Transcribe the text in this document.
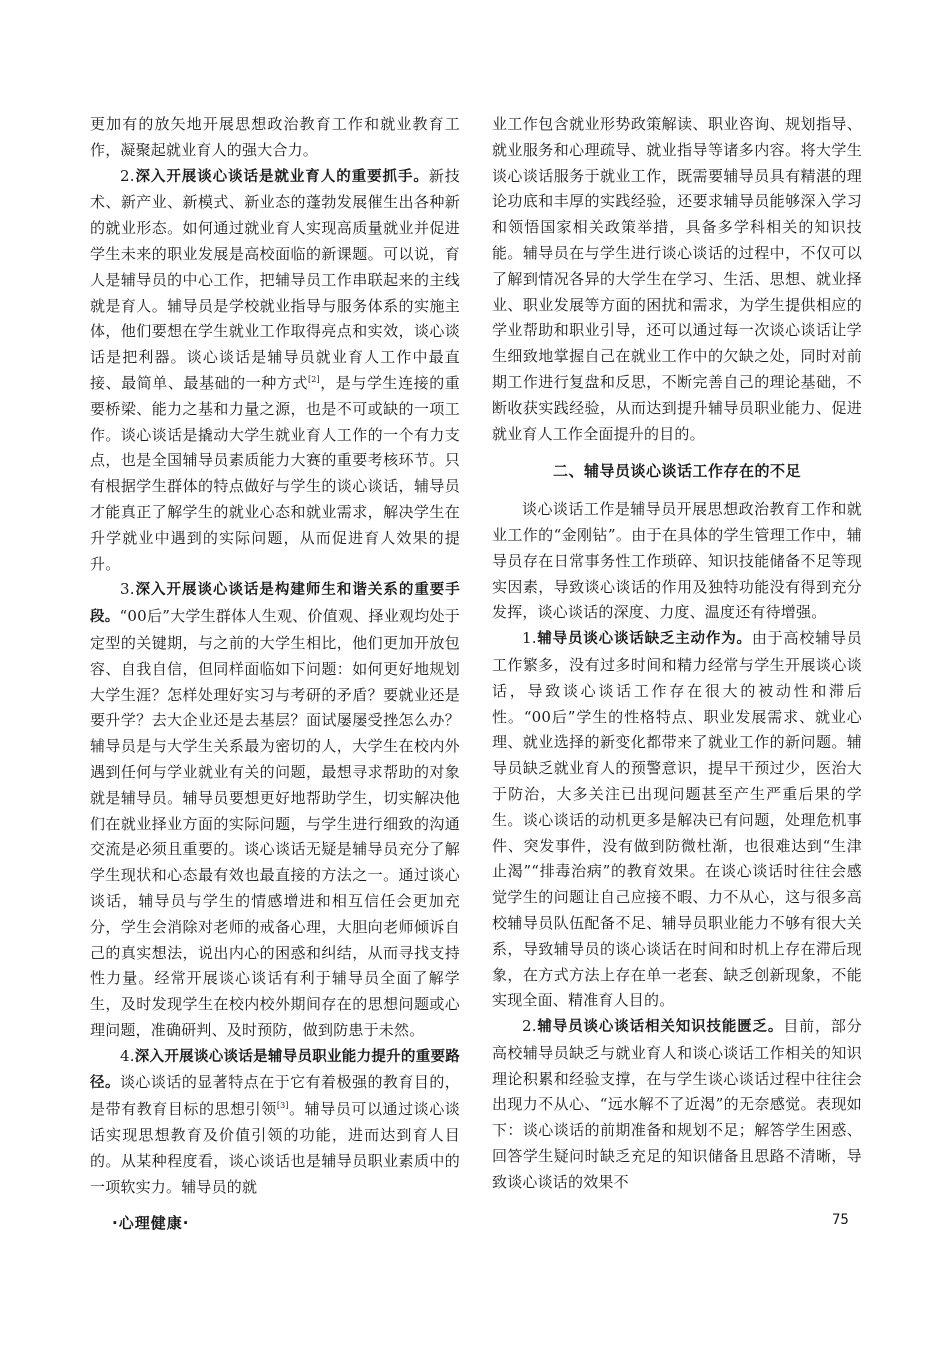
更加有的放矢地开展思想政治教育工作和就业教育工作，凝聚起就业育人的强大合力。

2.深入开展谈心谈话是就业育人的重要抓手。新技术、新产业、新模式、新业态的蓬勃发展催生出各种新的就业形态。如何通过就业育人实现高质量就业并促进学生未来的职业发展是高校面临的新课题。可以说，育人是辅导员的中心工作，把辅导员工作串联起来的主线就是育人。辅导员是学校就业指导与服务体系的实施主体，他们要想在学生就业工作取得亮点和实效，谈心谈话是把利器。谈心谈话是辅导员就业育人工作中最直接、最简单、最基础的一种方式[2]，是与学生连接的重要桥梁、能力之基和力量之源，也是不可或缺的一项工作。谈心谈话是撬动大学生就业育人工作的一个有力支点，也是全国辅导员素质能力大赛的重要考核环节。只有根据学生群体的特点做好与学生的谈心谈话，辅导员才能真正了解学生的就业心态和就业需求，解决学生在升学就业中遇到的实际问题，从而促进育人效果的提升。

3.深入开展谈心谈话是构建师生和谐关系的重要手段。“00后”大学生群体人生观、价值观、择业观均处于定型的关键期，与之前的大学生相比，他们更加开放包容、自我自信，但同样面临如下问题：如何更好地规划大学生涯？怎样处理好实习与考研的矛盾？要就业还是要升学？去大企业还是去基层？面试屡屡受挫怎么办？辅导员是与大学生关系最为密切的人，大学生在校内外遇到任何与学业就业有关的问题，最想寻求帮助的对象就是辅导员。辅导员要想更好地帮助学生，切实解决他们在就业择业方面的实际问题，与学生进行细致的沟通交流是必须且重要的。谈心谈话无疑是辅导员充分了解学生现状和心态最有效也最直接的方法之一。通过谈心谈话，辅导员与学生的情感增进和相互信任会更加充分，学生会消除对老师的戒备心理，大胆向老师倾诉自己的真实想法，说出内心的困惑和纠结，从而寻找支持性力量。经常开展谈心谈话有利于辅导员全面了解学生，及时发现学生在校内校外期间存在的思想问题或心理问题，准确研判、及时预防，做到防患于未然。

4.深入开展谈心谈话是辅导员职业能力提升的重要路径。谈心谈话的显著特点在于它有着极强的教育目的，是带有教育目标的思想引领[3]。辅导员可以通过谈心谈话实现思想教育及价值引领的功能，进而达到育人目的。从某种程度看，谈心谈话也是辅导员职业素质中的一项软实力。辅导员的就

业工作包含就业形势政策解读、职业咨询、规划指导、就业服务和心理疏导、就业指导等诸多内容。将大学生谈心谈话服务于就业工作，既需要辅导员具有精湛的理论功底和丰厚的实践经验，还要求辅导员能够深入学习和领悟国家相关政策举措，具备多学科相关的知识技能。辅导员在与学生进行谈心谈话的过程中，不仅可以了解到情况各异的大学生在学习、生活、思想、就业择业、职业发展等方面的困扰和需求，为学生提供相应的学业帮助和职业引导，还可以通过每一次谈心谈话让学生细致地掌握自己在就业工作中的欠缺之处，同时对前期工作进行复盘和反思，不断完善自己的理论基础，不断收获实践经验，从而达到提升辅导员职业能力、促进就业育人工作全面提升的目的。

二、辅导员谈心谈话工作存在的不足

谈心谈话工作是辅导员开展思想政治教育工作和就业工作的“金刚钻”。由于在具体的学生管理工作中，辅导员存在日常事务性工作琐碎、知识技能储备不足等现实因素，导致谈心谈话的作用及独特功能没有得到充分发挥，谈心谈话的深度、力度、温度还有待增强。

1.辅导员谈心谈话缺乏主动作为。由于高校辅导员工作繁多，没有过多时间和精力经常与学生开展谈心谈话，导致谈心谈话工作存在很大的被动性和滞后性。“00后”学生的性格特点、职业发展需求、就业心理、就业选择的新变化都带来了就业工作的新问题。辅导员缺乏就业育人的预警意识，提早干预过少，医治大于防治，大多关注已出现问题甚至产生严重后果的学生。谈心谈话的动机更多是解决已有问题，处理危机事件、突发事件，没有做到防微杜渐，也很难达到“生津止渴”“排毒治病”的教育效果。在谈心谈话时往往会感觉学生的问题让自己应接不暇、力不从心，这与很多高校辅导员队伍配备不足、辅导员职业能力不够有很大关系，导致辅导员的谈心谈话在时间和时机上存在滞后现象，在方式方法上存在单一老套、缺乏创新现象，不能实现全面、精准育人目的。

2.辅导员谈心谈话相关知识技能匮乏。目前，部分高校辅导员缺乏与就业育人和谈心谈话工作相关的知识理论积累和经验支撑，在与学生谈心谈话过程中往往会出现力不从心、“远水解不了近渴”的无奈感觉。表现如下：谈心谈话的前期准备和规划不足；解答学生困惑、回答学生疑问时缺乏充足的知识储备且思路不清晰，导致谈心谈话的效果不

·心理健康·	75
